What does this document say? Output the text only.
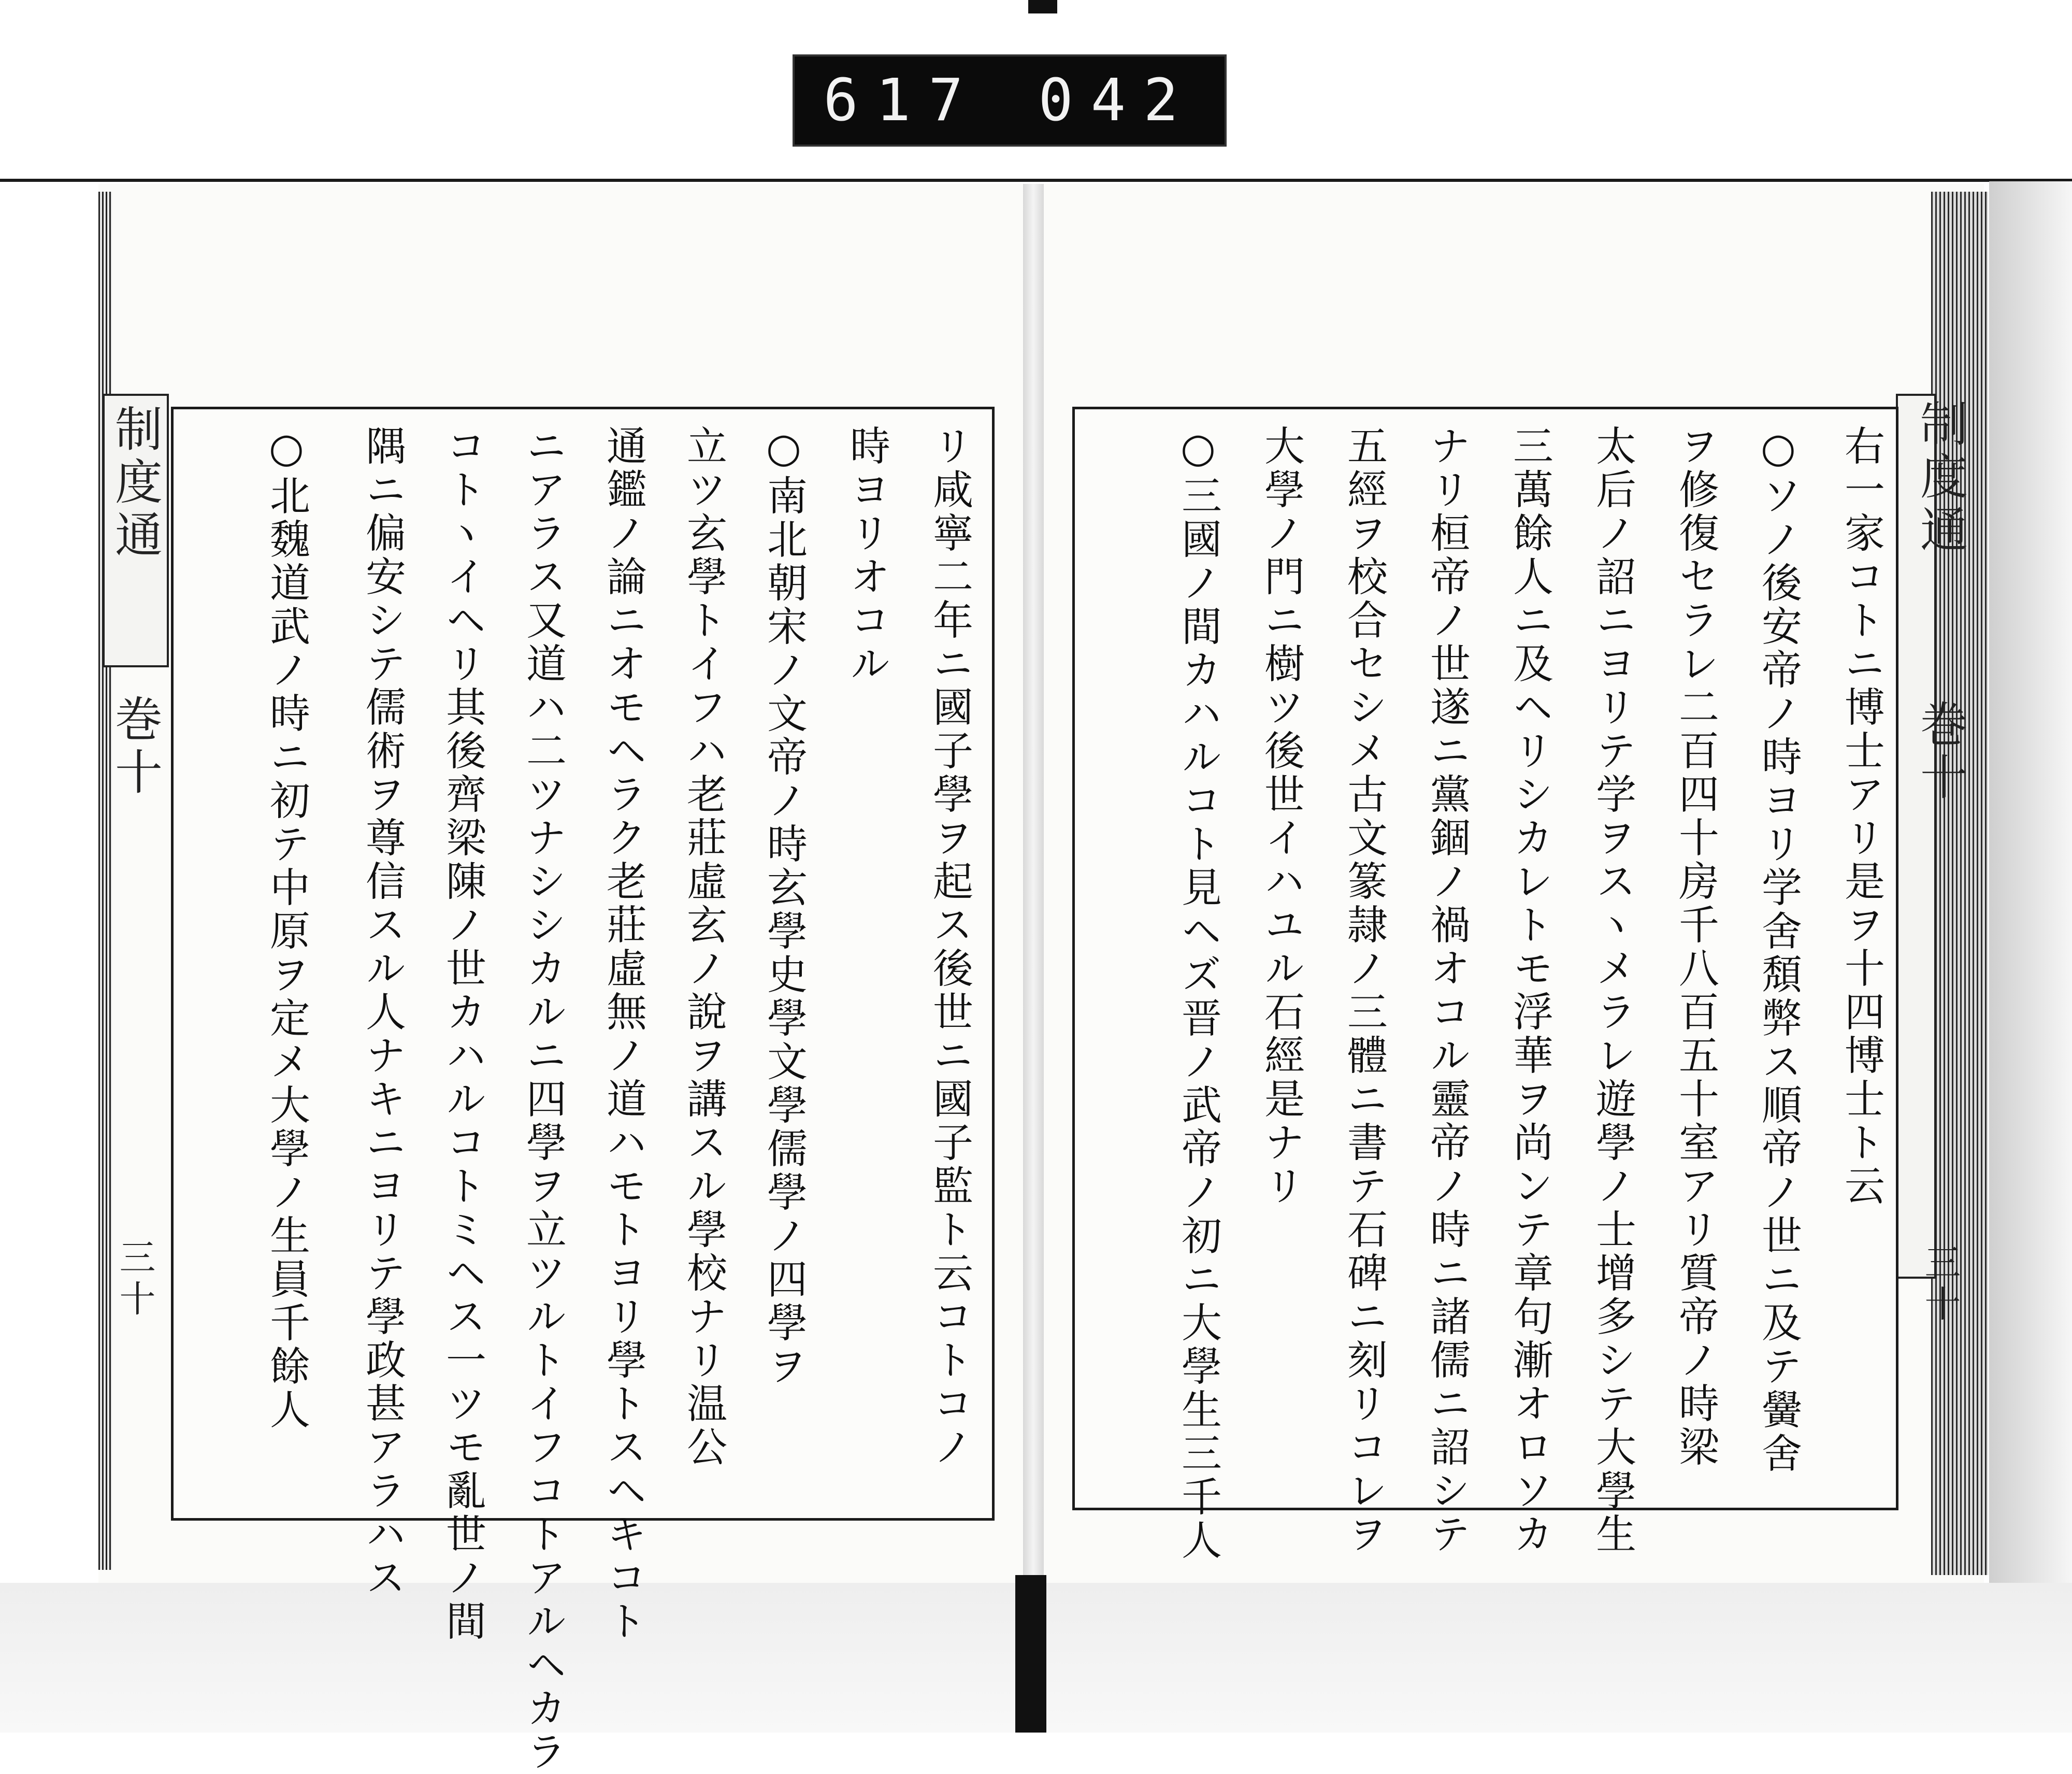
617 042
制度通
巻十
三十
制度通
巻十
三十
右一家コトニ博士アリ是ヲ十四博士ト云
○ソノ後安帝ノ時ヨリ学舍頽弊ス順帝ノ世ニ及テ黌舍
ヲ修復セラレ二百四十房千八百五十室アリ質帝ノ時梁
太后ノ詔ニヨリテ学ヲスヽメラレ遊學ノ士增多シテ大學生
三萬餘人ニ及ヘリシカレトモ浮華ヲ尚ンテ章句漸オロソカ
ナリ桓帝ノ世遂ニ黨錮ノ禍オコル靈帝ノ時ニ諸儒ニ詔シテ
五經ヲ校合セシメ古文篆隷ノ三體ニ書テ石碑ニ刻リコレヲ
大學ノ門ニ樹ツ後世イハユル石經是ナリ
○三國ノ間カハルコト見ヘズ晋ノ武帝ノ初ニ大學生三千人
リ咸寧二年ニ國子學ヲ起ス後世ニ國子監ト云コトコノ
時ヨリオコル
○南北朝宋ノ文帝ノ時玄學史學文學儒學ノ四學ヲ
立ツ玄學トイフハ老莊虛玄ノ說ヲ講スル學校ナリ温公
通鑑ノ論ニオモヘラク老莊虛無ノ道ハモトヨリ學トスヘキコト
ニアラス又道ハ二ツナシシカルニ四學ヲ立ツルトイフコトアルヘカラ
コトヽイヘリ其後齊梁陳ノ世カハルコトミヘス一ツモ亂世ノ間
隅ニ偏安シテ儒術ヲ尊信スル人ナキニヨリテ學政甚アラハス
○北魏道武ノ時ニ初テ中原ヲ定メ大學ノ生員千餘人
